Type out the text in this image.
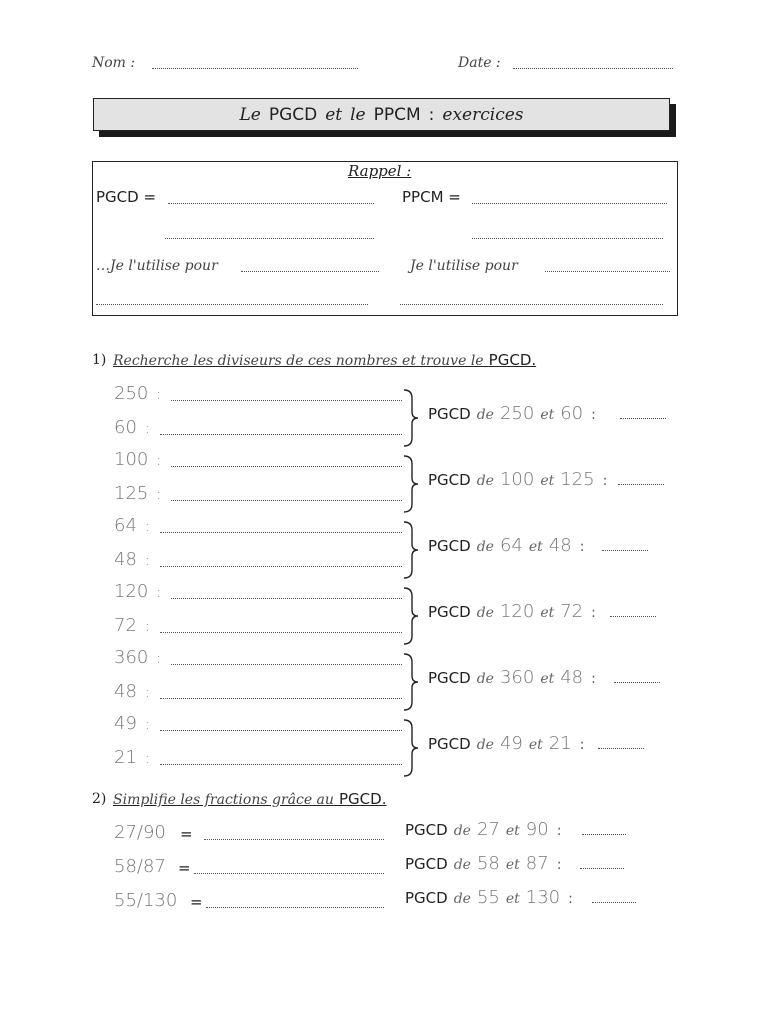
Nom :	Date :
Le PGCD et le PPCM : exercices
Rappel :
PGCD =	PPCM =
…Je l'utilise pour	Je l'utilise pour
1) Recherche les diviseurs de ces nombres et trouve le PGCD.
250 :
60 :
PGCD de 250 et 60 :
100 :
125 :
PGCD de 100 et 125 :
64 :
48 :
PGCD de 64 et 48 :
120 :
72 :
PGCD de 120 et 72 :
360 :
48 :
PGCD de 360 et 48 :
49 :
21 :
PGCD de 49 et 21 :
2) Simplifie les fractions grâce au PGCD.
27/90 =	PGCD de 27 et 90 :
58/87 =	PGCD de 58 et 87 :
55/130 =	PGCD de 55 et 130 :
